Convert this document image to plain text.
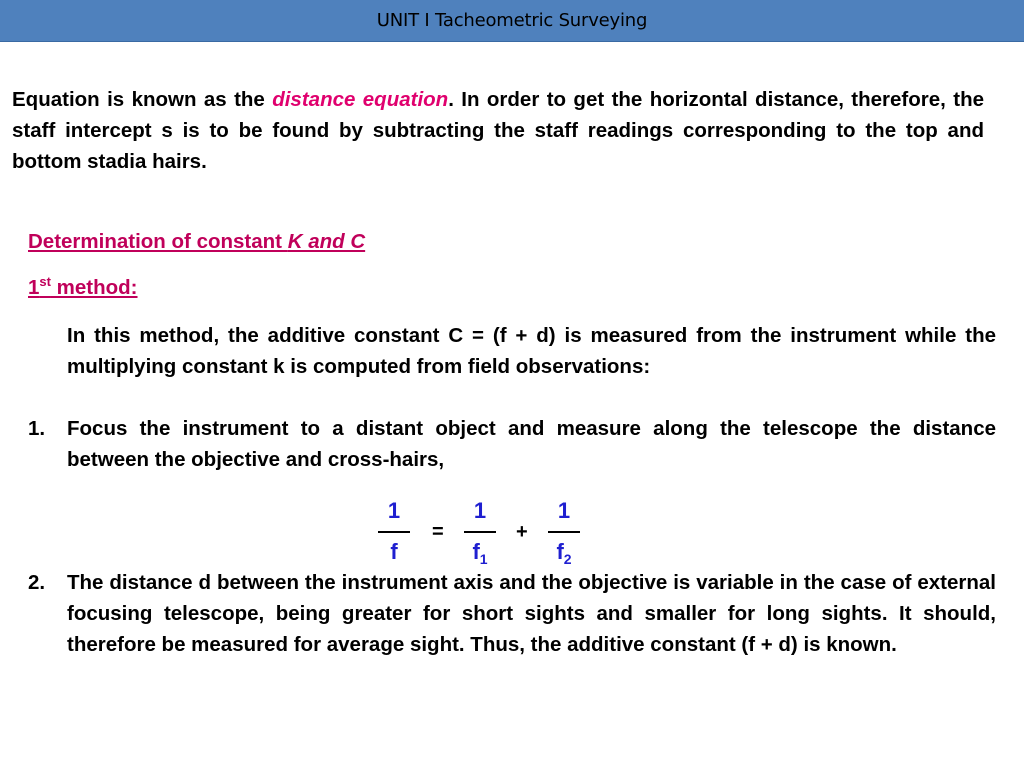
UNIT I Tacheometric Surveying

Equation is known as the distance equation. In order to get the horizontal distance, therefore, the staff intercept s is to be found by subtracting the staff readings corresponding to the top and bottom stadia hairs.

Determination of constant K and C

1st method:

In this method, the additive constant C = (f + d) is measured from the instrument while the multiplying constant k is computed from field observations:

1. Focus the instrument to a distant object and measure along the telescope the distance between the objective and cross-hairs,

1
f
=
1
$f_1$
+
1
$f_2$
2. The distance d between the instrument axis and the objective is variable in the case of external focusing telescope, being greater for short sights and smaller for long sights. It should, therefore be measured for average sight. Thus, the additive constant (f + d) is known.
